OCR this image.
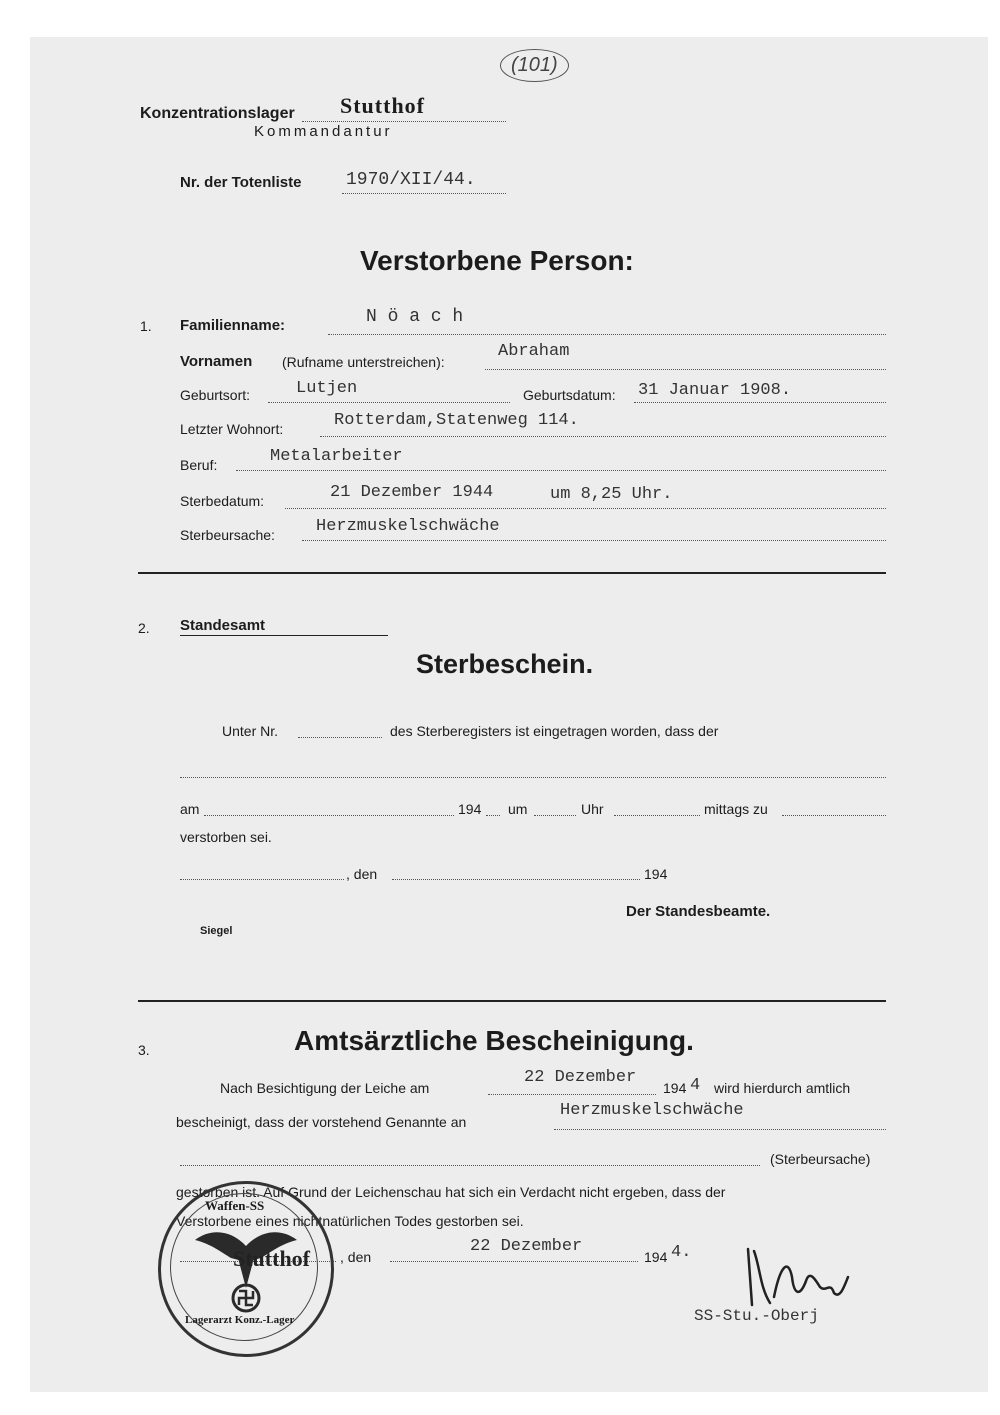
(101)
Konzentrationslager Stutthof
Kommandantur
Nr. der Totenliste 1970/XII/44.
Verstorbene Person:
1. Familienname:	N ö a c h
Vornamen (Rufname unterstreichen):
Abraham
Geburtsort:	Lutjen	Geburtsdatum: 31 Januar 1908.
Letzter Wohnort:	Rotterdam,Statenweg 114.
Beruf:	Metalarbeiter
Sterbedatum:	21 Dezember 1944	um 8,25 Uhr.
Sterbeursache: Herzmuskelschwäche
2. Standesamt
Sterbeschein.
Unter Nr.	des Sterberegisters ist eingetragen worden, dass der
am	194 um	Uhr	mittags zu
verstorben sei.
, den	194
Der Standesbeamte.
Siegel
3.	Amtsärztliche Bescheinigung.
Nach Besichtigung der Leiche am
22 Dezember
194 4 wird hierdurch amtlich
bescheinigt, dass der vorstehend Genannte an
Herzmuskelschwäche
(Sterbeursache)
gestorben ist. Auf Grund der Leichenschau hat sich ein Verdacht nicht ergeben, dass der
Verstorbene eines nichtnatürlichen Todes gestorben sei.
, den
22 Dezember
194 4.
SS-Stu.-Oberj
Waffen-SS
Stutthof
Lagerarzt Konz.-Lager
